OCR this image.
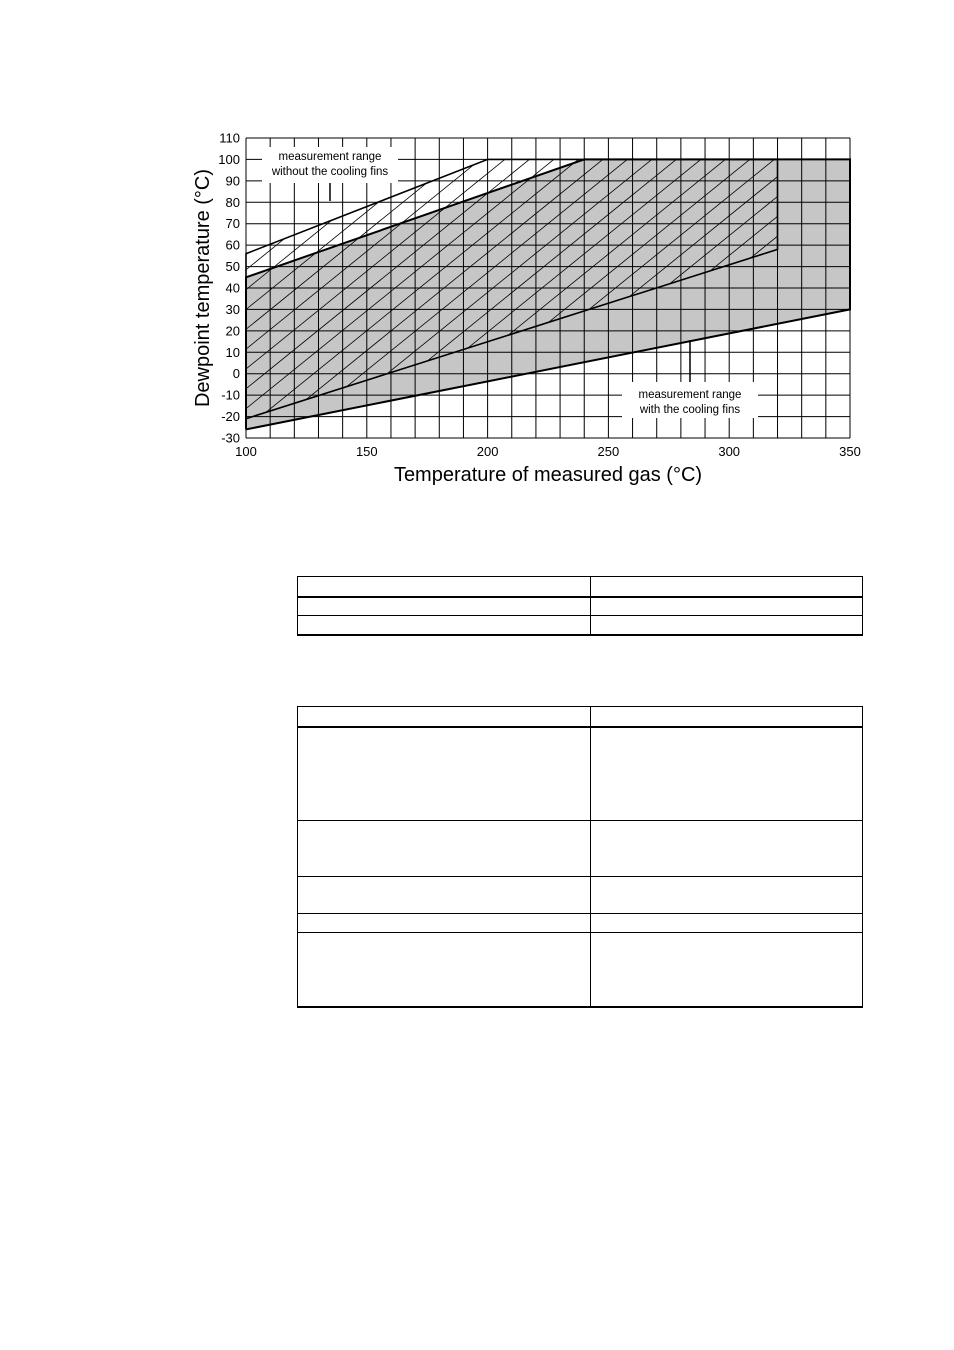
measurement range
without the cooling fins
measurement range
with the cooling fins
100	150	200	250	300	350
-30
-20
-10
0
10
20
30
40
50
60
70
80
90
100
110
Temperature of measured gas (°C)
Dewpoint temperature (°C)
